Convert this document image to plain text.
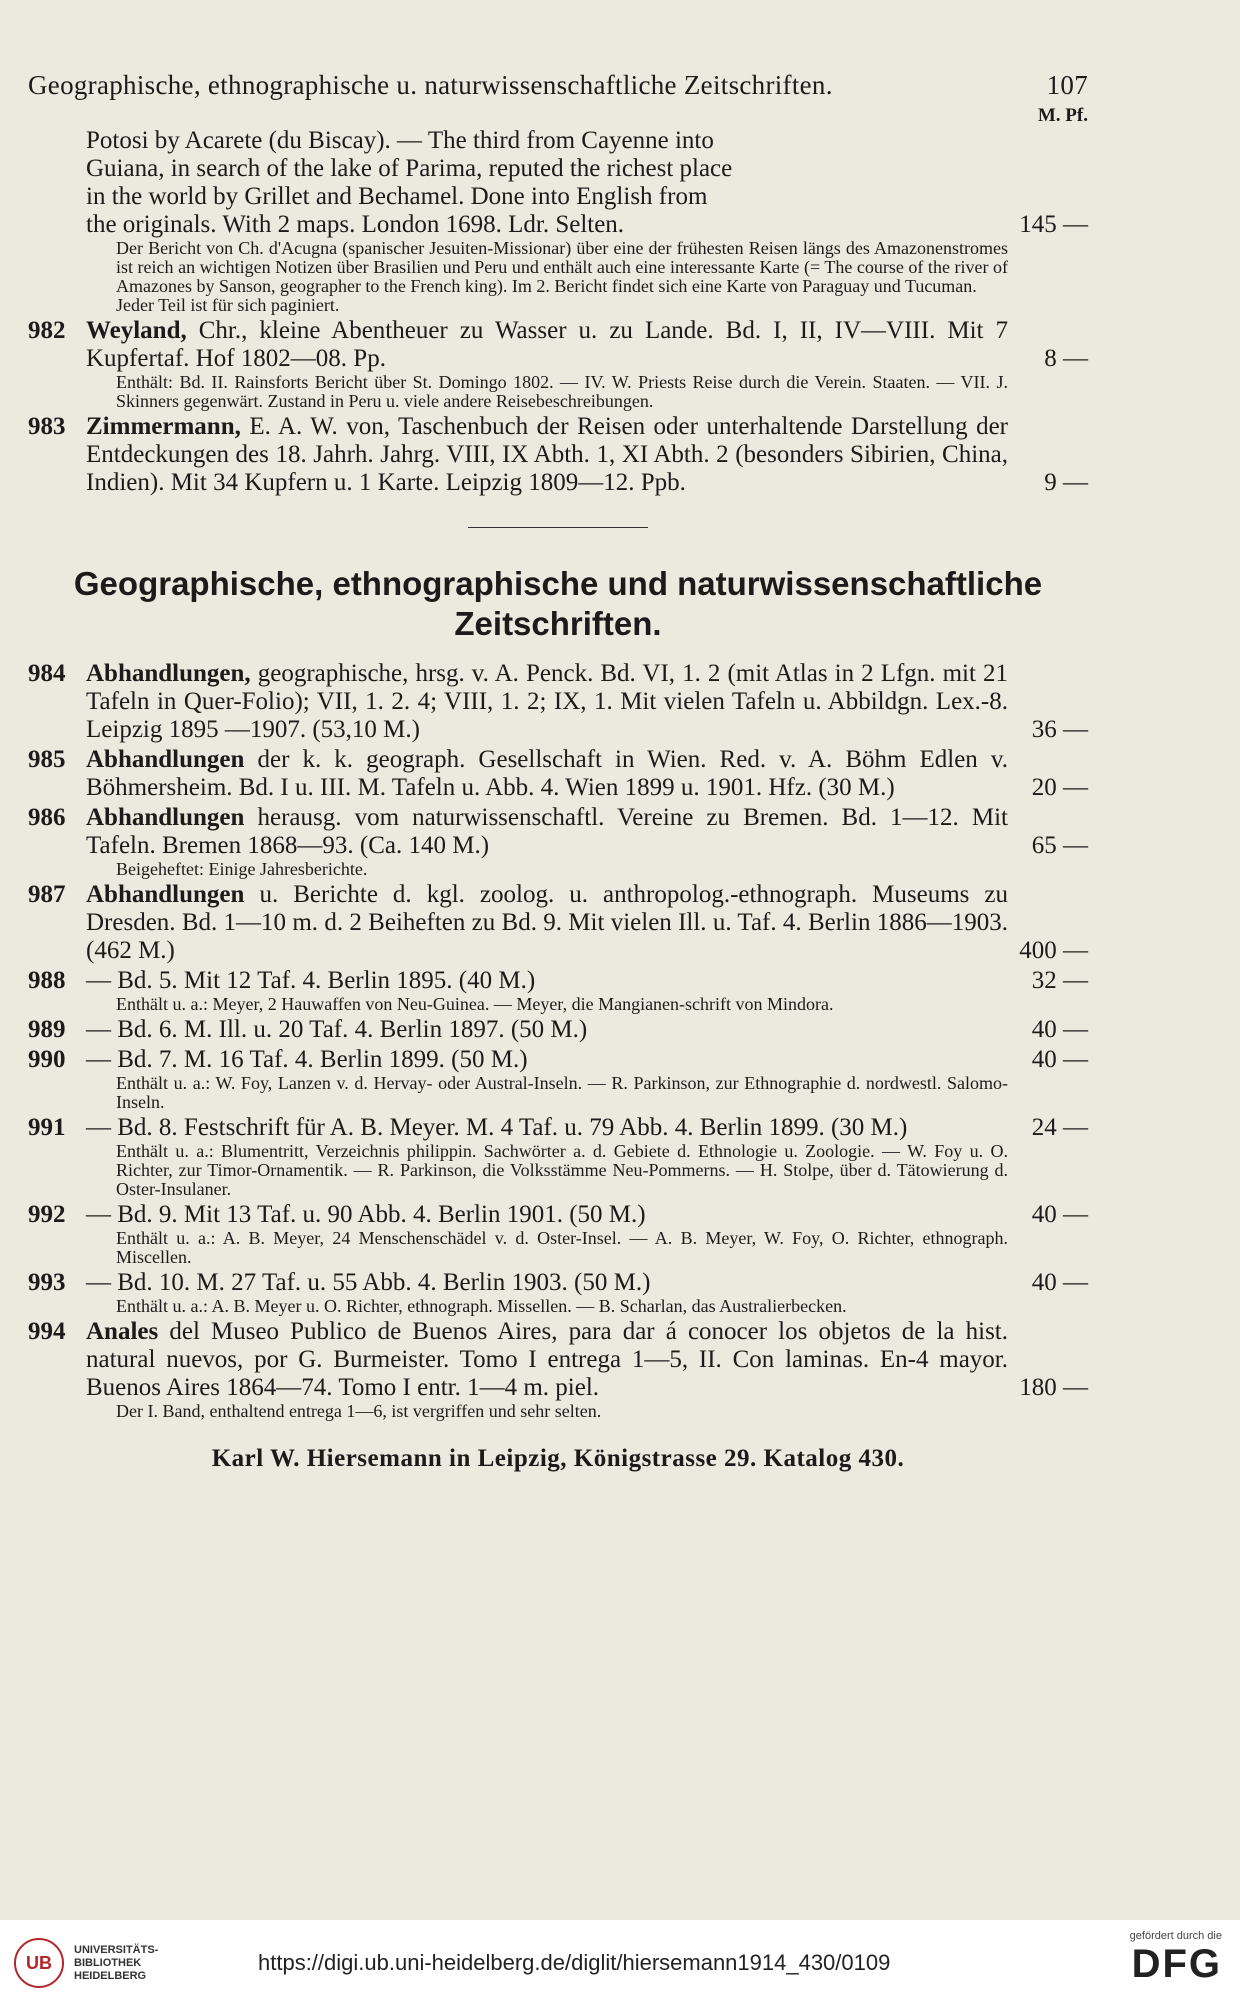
Geographische, ethnographische u. naturwissenschaftliche Zeitschriften.	107
M. Pf.
Potosi by Acarete (du Biscay). — The third from Cayenne into
Guiana, in search of the lake of Parima, reputed the richest place
in the world by Grillet and Bechamel. Done into English from
the originals. With 2 maps. London 1698. Ldr. Selten.	145 —
Der Bericht von Ch. d'Acugna (spanischer Jesuiten-Missionar) über eine der frühesten Reisen längs des Amazonenstromes ist reich an wichtigen Notizen über Brasilien und Peru und enthält auch eine interessante Karte (= The course of the river of Amazones by Sanson, geographer to the French king). Im 2. Bericht findet sich eine Karte von Paraguay und Tucuman.
Jeder Teil ist für sich paginiert.
982 Weyland, Chr., kleine Abentheuer zu Wasser u. zu Lande. Bd. I, II, IV—VIII. Mit 7 Kupfertaf. Hof 1802—08. Pp.	8 —
Enthält: Bd. II. Rainsforts Bericht über St. Domingo 1802. — IV. W. Priests Reise durch die Verein. Staaten. — VII. J. Skinners gegenwärt. Zustand in Peru u. viele andere Reisebeschreibungen.
983 Zimmermann, E. A. W. von, Taschenbuch der Reisen oder unterhaltende Darstellung der Entdeckungen des 18. Jahrh. Jahrg. VIII, IX Abth. 1, XI Abth. 2 (besonders Sibirien, China, Indien). Mit 34 Kupfern u. 1 Karte. Leipzig 1809—12. Ppb.	9 —
Geographische, ethnographische und naturwissenschaftliche
Zeitschriften.
984 Abhandlungen, geographische, hrsg. v. A. Penck. Bd. VI, 1. 2 (mit Atlas in 2 Lfgn. mit 21 Tafeln in Quer-Folio); VII, 1. 2. 4; VIII, 1. 2; IX, 1. Mit vielen Tafeln u. Abbildgn. Lex.-8. Leipzig 1895 —1907. (53,10 M.)	36 —
985 Abhandlungen der k. k. geograph. Gesellschaft in Wien. Red. v. A. Böhm Edlen v. Böhmersheim. Bd. I u. III. M. Tafeln u. Abb. 4. Wien 1899 u. 1901. Hfz. (30 M.)	20 —
986 Abhandlungen herausg. vom naturwissenschaftl. Vereine zu Bremen. Bd. 1—12. Mit Tafeln. Bremen 1868—93. (Ca. 140 M.)	65 —
Beigeheftet: Einige Jahresberichte.
987 Abhandlungen u. Berichte d. kgl. zoolog. u. anthropolog.-ethnograph. Museums zu Dresden. Bd. 1—10 m. d. 2 Beiheften zu Bd. 9. Mit vielen Ill. u. Taf. 4. Berlin 1886—1903. (462 M.)	400 —
988 — Bd. 5. Mit 12 Taf. 4. Berlin 1895. (40 M.)	32 —
Enthält u. a.: Meyer, 2 Hauwaffen von Neu-Guinea. — Meyer, die Mangianen-schrift von Mindora.
989 — Bd. 6. M. Ill. u. 20 Taf. 4. Berlin 1897. (50 M.)	40 —
990 — Bd. 7. M. 16 Taf. 4. Berlin 1899. (50 M.)	40 —
Enthält u. a.: W. Foy, Lanzen v. d. Hervay- oder Austral-Inseln. — R. Parkinson, zur Ethnographie d. nordwestl. Salomo-Inseln.
991 — Bd. 8. Festschrift für A. B. Meyer. M. 4 Taf. u. 79 Abb. 4. Berlin 1899. (30 M.)	24 —
Enthält u. a.: Blumentritt, Verzeichnis philippin. Sachwörter a. d. Gebiete d. Ethnologie u. Zoologie. — W. Foy u. O. Richter, zur Timor-Ornamentik. — R. Parkinson, die Volksstämme Neu-Pommerns. — H. Stolpe, über d. Tätowierung d. Oster-Insulaner.
992 — Bd. 9. Mit 13 Taf. u. 90 Abb. 4. Berlin 1901. (50 M.)	40 —
Enthält u. a.: A. B. Meyer, 24 Menschenschädel v. d. Oster-Insel. — A. B. Meyer, W. Foy, O. Richter, ethnograph. Miscellen.
993 — Bd. 10. M. 27 Taf. u. 55 Abb. 4. Berlin 1903. (50 M.)	40 —
Enthält u. a.: A. B. Meyer u. O. Richter, ethnograph. Missellen. — B. Scharlan, das Australierbecken.
994 Anales del Museo Publico de Buenos Aires, para dar á conocer los objetos de la hist. natural nuevos, por G. Burmeister. Tomo I entrega 1—5, II. Con laminas. En-4 mayor. Buenos Aires 1864—74. Tomo I entr. 1—4 m. piel.	180 —
Der I. Band, enthaltend entrega 1—6, ist vergriffen und sehr selten.
Karl W. Hiersemann in Leipzig, Königstrasse 29. Katalog 430.
UB
UNIVERSITÄTS-
BIBLIOTHEK
HEIDELBERG
https://digi.ub.uni-heidelberg.de/diglit/hiersemann1914_430/0109
gefördert durch die
DFG
